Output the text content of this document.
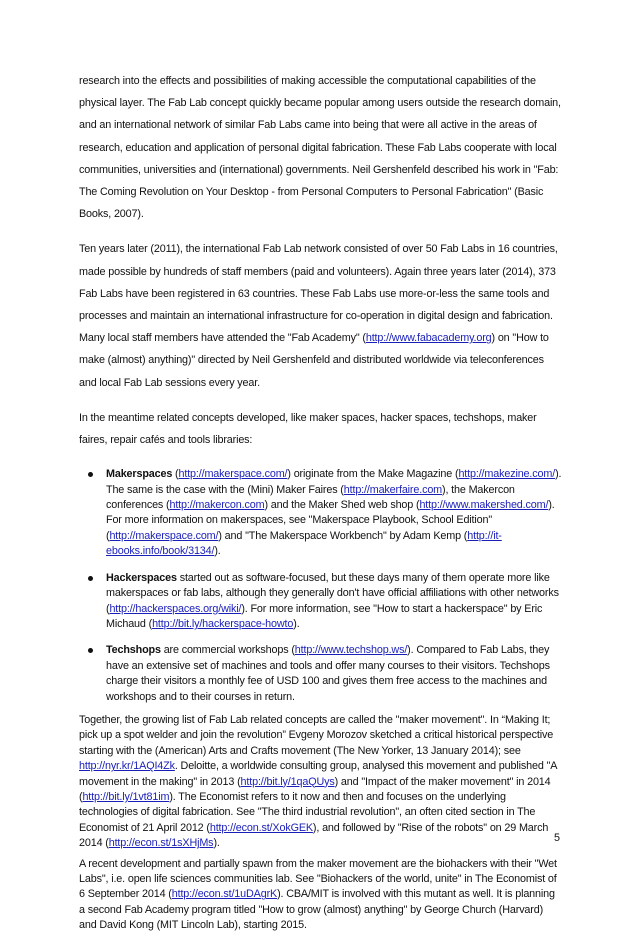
research into the effects and possibilities of making accessible the computational capabilities of the physical layer. The Fab Lab concept quickly became popular among users outside the research domain, and an international network of similar Fab Labs came into being that were all active in the areas of research, education and application of personal digital fabrication. These Fab Labs cooperate with local communities, universities and (international) governments. Neil Gershenfeld described his work in "Fab: The Coming Revolution on Your Desktop - from Personal Computers to Personal Fabrication" (Basic Books, 2007).

Ten years later (2011), the international Fab Lab network consisted of over 50 Fab Labs in 16 countries, made possible by hundreds of staff members (paid and volunteers). Again three years later (2014), 373 Fab Labs have been registered in 63 countries. These Fab Labs use more-or-less the same tools and processes and maintain an international infrastructure for co-operation in digital design and fabrication. Many local staff members have attended the "Fab Academy" (http://www.fabacademy.org) on "How to make (almost) anything)" directed by Neil Gershenfeld and distributed worldwide via teleconferences and local Fab Lab sessions every year.

In the meantime related concepts developed, like maker spaces, hacker spaces, techshops, maker faires, repair cafés and tools libraries:

Makerspaces (http://makerspace.com/) originate from the Make Magazine (http://makezine.com/). The same is the case with the (Mini) Maker Faires (http://makerfaire.com), the Makercon conferences (http://makercon.com) and the Maker Shed web shop (http://www.makershed.com/). For more information on makerspaces, see "Makerspace Playbook, School Edition" (http://makerspace.com/) and "The Makerspace Workbench" by Adam Kemp (http://it-ebooks.info/book/3134/).
Hackerspaces started out as software-focused, but these days many of them operate more like makerspaces or fab labs, although they generally don't have official affiliations with other networks (http://hackerspaces.org/wiki/). For more information, see "How to start a hackerspace" by Eric Michaud (http://bit.ly/hackerspace-howto).
Techshops are commercial workshops (http://www.techshop.ws/). Compared to Fab Labs, they have an extensive set of machines and tools and offer many courses to their visitors. Techshops charge their visitors a monthly fee of USD 100 and gives them free access to the machines and workshops and to their courses in return.

Together, the growing list of Fab Lab related concepts are called the "maker movement". In “Making It; pick up a spot welder and join the revolution” Evgeny Morozov sketched a critical historical perspective starting with the (American) Arts and Crafts movement (The New Yorker, 13 January 2014); see http://nyr.kr/1AQI4Zk. Deloitte, a worldwide consulting group, analysed this movement and published "A movement in the making" in 2013 (http://bit.ly/1qaQUys) and "Impact of the maker movement" in 2014 (http://bit.ly/1vt81im). The Economist refers to it now and then and focuses on the underlying technologies of digital fabrication. See "The third industrial revolution", an often cited section in The Economist of 21 April 2012 (http://econ.st/XokGEK), and followed by "Rise of the robots" on 29 March 2014 (http://econ.st/1sXHjMs).

A recent development and partially spawn from the maker movement are the biohackers with their "Wet Labs", i.e. open life sciences communities lab. See "Biohackers of the world, unite" in The Economist of 6 September 2014 (http://econ.st/1uDAgrK). CBA/MIT is involved with this mutant as well. It is planning a second Fab Academy program titled "How to grow (almost) anything" by George Church (Harvard) and David Kong (MIT Lincoln Lab), starting 2015.

5
